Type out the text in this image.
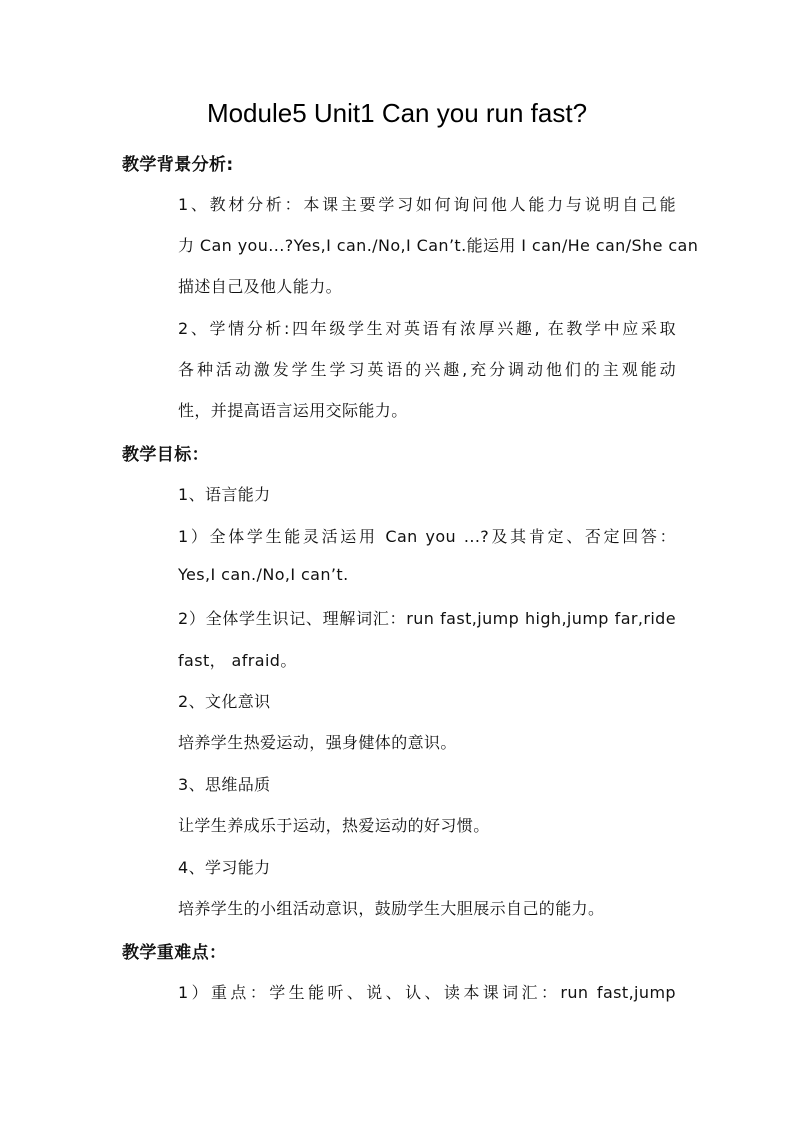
Module5 Unit1 Can you run fast?
教学背景分析:
1、教材分析：本课主要学习如何询问他人能力与说明自己能
力 Can you...?Yes,I can./No,I Can’t.能运用 I can/He can/She can
描述自己及他人能力。
2、学情分析:四年级学生对英语有浓厚兴趣, 在教学中应采取
各种活动激发学生学习英语的兴趣,充分调动他们的主观能动
性，并提高语言运用交际能力。
教学目标：
1、语言能力
1）全体学生能灵活运用 Can you ...?及其肯定、否定回答：
Yes,I can./No,I can’t.
2）全体学生识记、理解词汇：run fast,jump high,jump far,ride
fast， afraid。
2、文化意识
培养学生热爱运动，强身健体的意识。
3、思维品质
让学生养成乐于运动，热爱运动的好习惯。
4、学习能力
培养学生的小组活动意识，鼓励学生大胆展示自己的能力。
教学重难点：
1）重点：学生能听、说、认、读本课词汇：run fast,jump
